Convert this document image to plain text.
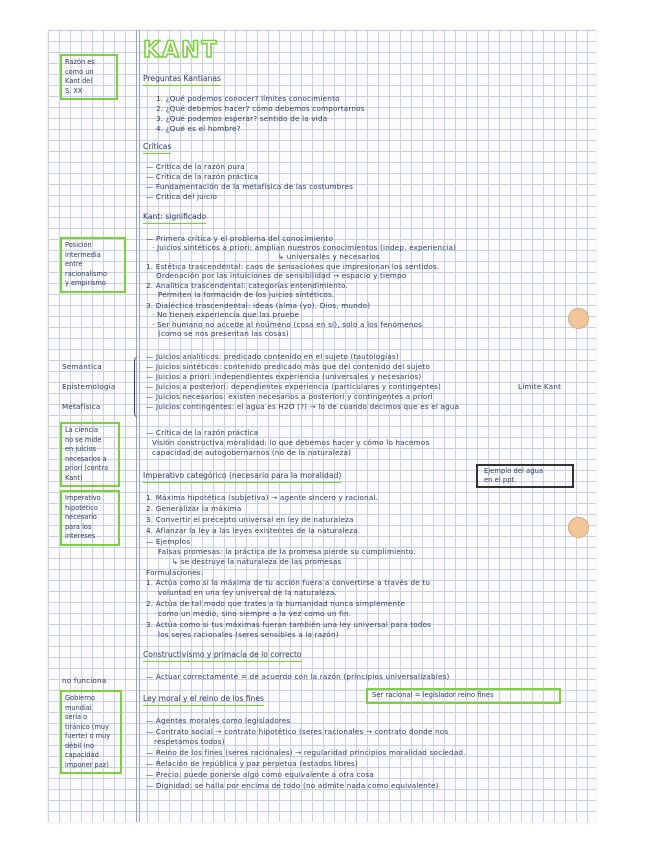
KANT
Razón es
como un
Kant del
S. XX
Posición
intermedia
entre
racionalismo
y empirismo
Semántica
Epistemología
Metafísica
La ciencia
no se mide
en juicios
necesarios a
priori (contra
Kant)
Imperativo
hipotético
necesario
para los
intereses
no funciona
Gobierno
mundial
sería o
tiránico (muy
fuerte) o muy
débil (no
capacidad
imponer paz)
Preguntas Kantianas
1. ¿Qué podemos conocer? límites conocimiento
2. ¿Qué debemos hacer? cómo debemos comportarnos
3. ¿Qué podemos esperar? sentido de la vida
4. ¿Qué es el hombre?
Críticas
— Crítica de la razón pura
— Crítica de la razón práctica
— Fundamentación de la metafísica de las costumbres
— Crítica del juicio
Kant: significado
— Primera crítica y el problema del conocimiento
· Juicios sintéticos a priori: amplían nuestros conocimientos (indep. experiencia)
↳ universales y necesarios
1. Estética trascendental: caos de sensaciones que impresionan los sentidos.
Ordenación por las intuiciones de sensibilidad → espacio y tiempo
2. Analítica trascendental: categorías entendimiento.
Permiten la formación de los juicios sintéticos.
3. Dialéctica trascendental: ideas (alma (yo), Dios, mundo)
· No tienen experiencia que las pruebe
· Ser humano no accede al noúmeno (cosa en sí), solo a los fenómenos
(como se nos presentan las cosas)
— Juicios analíticos: predicado contenido en el sujeto (tautologías)
— Juicios sintéticos: contenido predicado más que del contenido del sujeto
— Juicios a priori: independientes experiencia (universales y necesarios)
— Juicios a posteriori: dependientes experiencia (particulares y contingentes)	Límite Kant
— Juicios necesarios: existen necesarios a posteriori y contingentes a priori
— Juicios contingentes: el agua es H2O (?) → lo de cuando decimos que es el agua
— Crítica de la razón práctica
Visión constructiva moralidad: lo que debemos hacer y cómo lo hacemos
capacidad de autogobernarnos (no de la naturaleza)
Imperativo categórico (necesario para la moralidad)	Ejemplo del agua
en el ppt.
1. Máxima hipotética (subjetiva) → agente sincero y racional.
2. Generalizar la máxima
3. Convertir el precepto universal en ley de naturaleza
4. Afianzar la ley a las leyes existentes de la naturaleza.
— Ejemplos
Falsas promesas: la práctica de la promesa pierde su cumplimiento.
↳ se destruye la naturaleza de las promesas
Formulaciones:
1. Actúa como si la máxima de tu acción fuera a convertirse a través de tu
voluntad en una ley universal de la naturaleza.
2. Actúa de tal modo que trates a la humanidad nunca simplemente
como un medio, sino siempre a la vez como un fin.
3. Actúa como si tus máximas fueran también una ley universal para todos
los seres racionales (seres sensibles a la razón)
Constructivismo y primacía de lo correcto
— Actuar correctamente = de acuerdo con la razón (principios universalizables)
Ley moral y el reino de los fines	Ser racional = legislador reino fines
— Agentes morales como legisladores
— Contrato social → contrato hipotético (seres racionales → contrato donde nos
respetamos todos)
— Reino de los fines (seres racionales) → regularidad principios moralidad sociedad.
— Relación de república y paz perpetua (estados libres)
— Precio: puede ponerse algo como equivalente a otra cosa
— Dignidad: se halla por encima de todo (no admite nada como equivalente)
